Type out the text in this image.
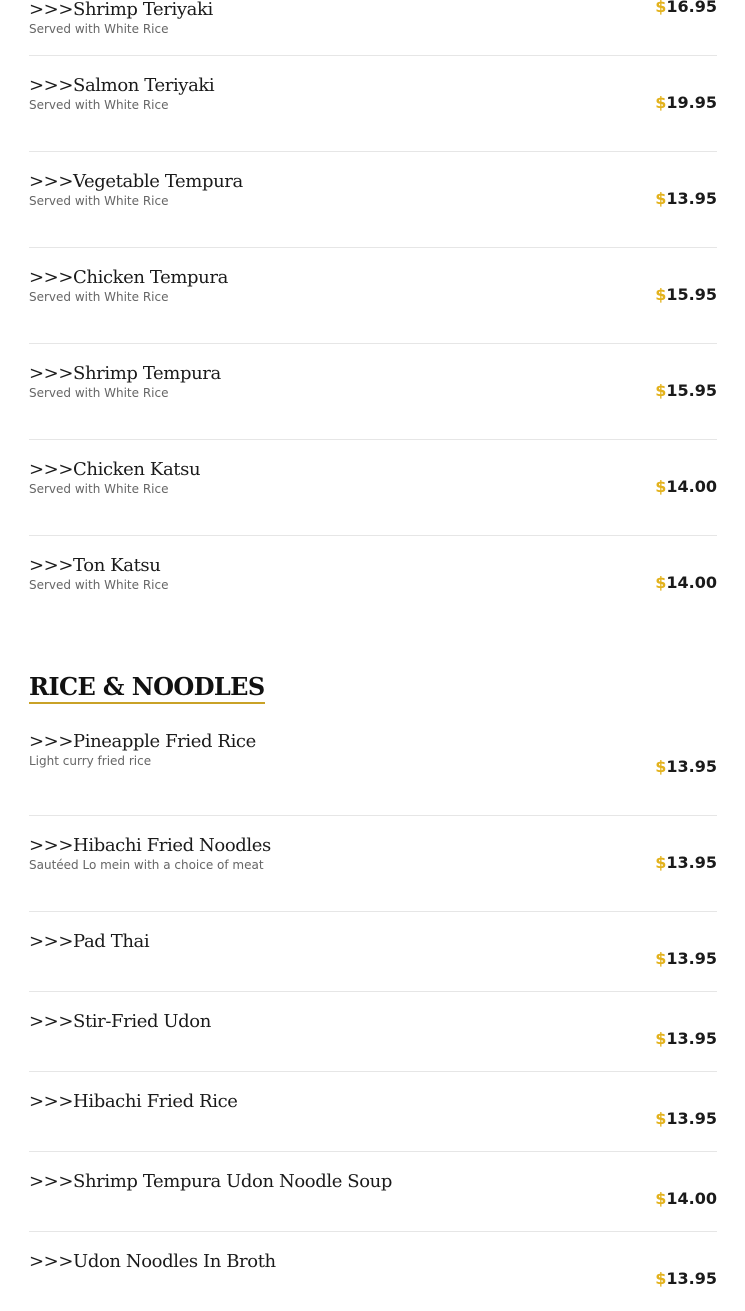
>>>Shrimp Teriyaki
Served with White Rice
$16.95
>>>Salmon Teriyaki
Served with White Rice	$19.95
>>>Vegetable Tempura
Served with White Rice	$13.95
>>>Chicken Tempura
Served with White Rice	$15.95
>>>Shrimp Tempura
Served with White Rice	$15.95
>>>Chicken Katsu
Served with White Rice	$14.00
>>>Ton Katsu
Served with White Rice	$14.00
RICE & NOODLES
>>>Pineapple Fried Rice
Light curry fried rice	$13.95
>>>Hibachi Fried Noodles
Sautéed Lo mein with a choice of meat	$13.95
>>>Pad Thai
$13.95
>>>Stir-Fried Udon
$13.95
>>>Hibachi Fried Rice
$13.95
>>>Shrimp Tempura Udon Noodle Soup
$14.00
>>>Udon Noodles In Broth
$13.95
